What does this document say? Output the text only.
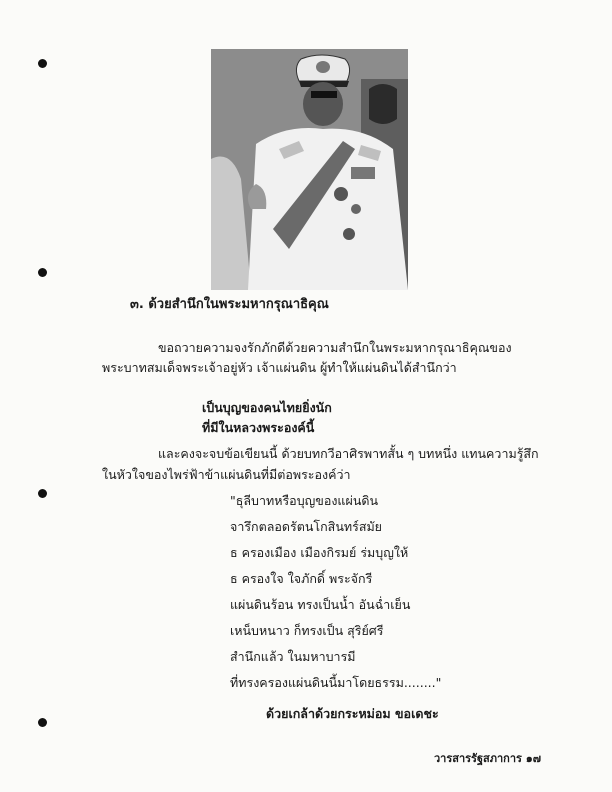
๓. ด้วยสำนึกในพระมหากรุณาธิคุณ
ขอถวายความจงรักภักดีด้วยความสำนึกในพระมหากรุณาธิคุณของ
พระบาทสมเด็จพระเจ้าอยู่หัว เจ้าแผ่นดิน ผู้ทำให้แผ่นดินได้สำนึกว่า
เป็นบุญของคนไทยยิ่งนัก
ที่มีในหลวงพระองค์นี้
และคงจะจบข้อเขียนนี้ ด้วยบทกวีอาศิรพาทสั้น ๆ บทหนึ่ง แทนความรู้สึก
ในหัวใจของไพร่ฟ้าข้าแผ่นดินที่มีต่อพระองค์ว่า
"ธุลีบาทหรือบุญของแผ่นดิน
จารึกตลอดรัตนโกสินทร์สมัย
ธ ครองเมือง เมืองกิรมย์ ร่มบุญให้
ธ ครองใจ ใจภักดิ์ พระจักรี
แผ่นดินร้อน ทรงเป็นน้ำ อันฉ่ำเย็น
เหน็บหนาว ก็ทรงเป็น สุริย์ศรี
สำนึกแล้ว ในมหาบารมี
ที่ทรงครองแผ่นดินนี้มาโดยธรรม........"
ด้วยเกล้าด้วยกระหม่อม ขอเดชะ
วารสารรัฐสภาการ ๑๗
